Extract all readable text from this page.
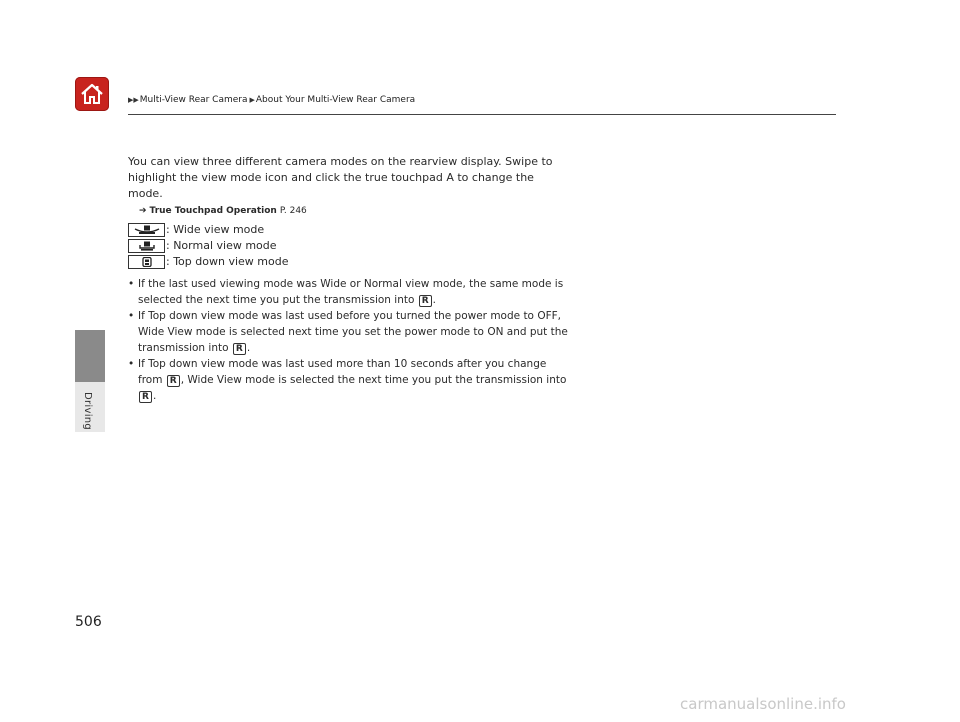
▶▶ Multi-View Rear Camera ▶ About Your Multi-View Rear Camera
Driving

You can view three different camera modes on the rearview display. Swipe to

highlight the view mode icon and click the true touchpad A to change the mode.

➔ True Touchpad Operation P. 246
: Wide view mode
: Normal view mode
: Top down view mode
• If the last used viewing mode was Wide or Normal view mode, the same mode is
selected the next time you put the transmission into R .
• If Top down view mode was last used before you turned the power mode to OFF,
Wide View mode is selected next time you set the power mode to ON and put the
transmission into R .
• If Top down view mode was last used more than 10 seconds after you change
from R , Wide View mode is selected the next time you put the transmission into
R .
506
carmanualsonline.info
